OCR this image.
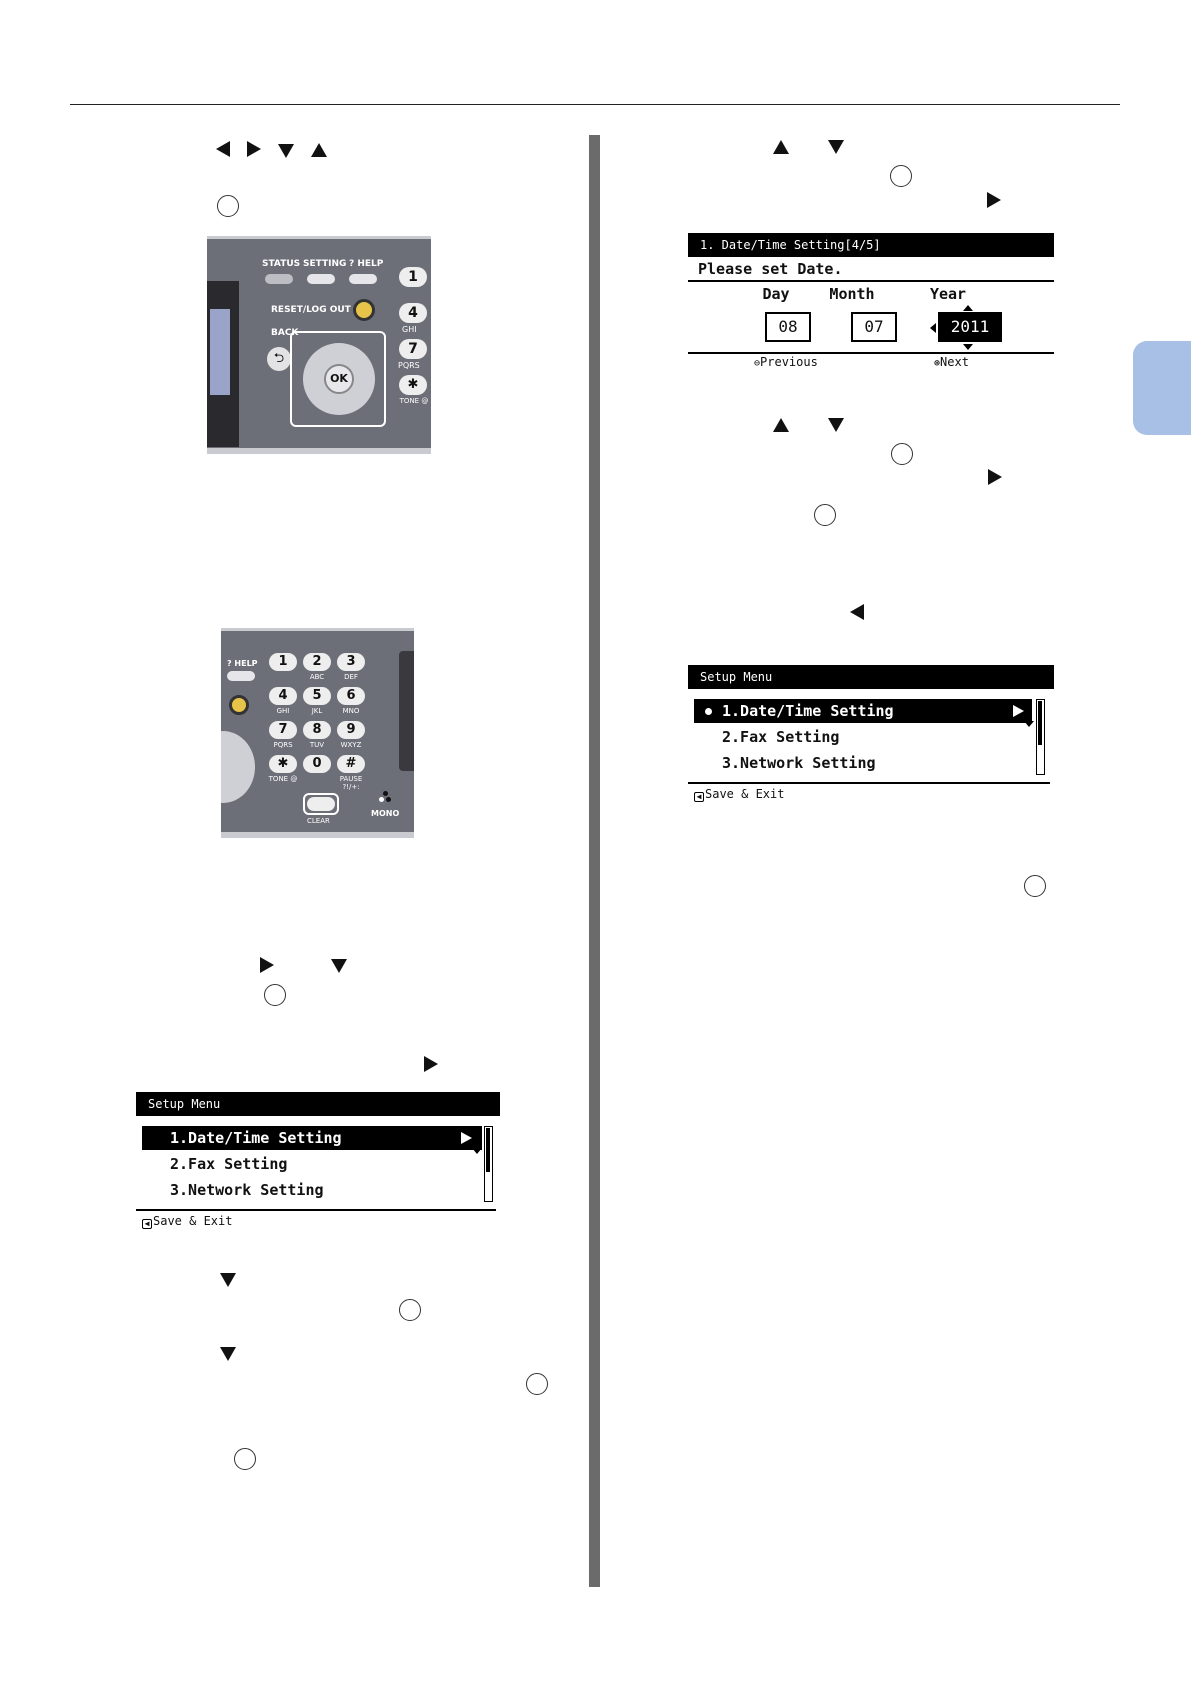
STATUS SETTING ? HELP
RESET/LOG OUT
BACK
⮌
OK
1
4
GHI
7
PQRS
✱
TONE @
? HELP	1	2
ABC
3
DEF
4
GHI
5
JKL
6
MNO
7
PQRS
8
TUV
9
WXYZ
✱
TONE @
0	#
PAUSE ?!/+:
CLEAR
MONO
Setup Menu
1.Date/Time Setting
2.Fax Setting
3.Network Setting
◀ Save & Exit
1. Date/Time Setting[4/5]
Please set Date.
Day	Month	Year
08	07	2011
⊖Previous	⊛Next
Setup Menu
1.Date/Time Setting
2.Fax Setting
3.Network Setting
◀ Save & Exit
